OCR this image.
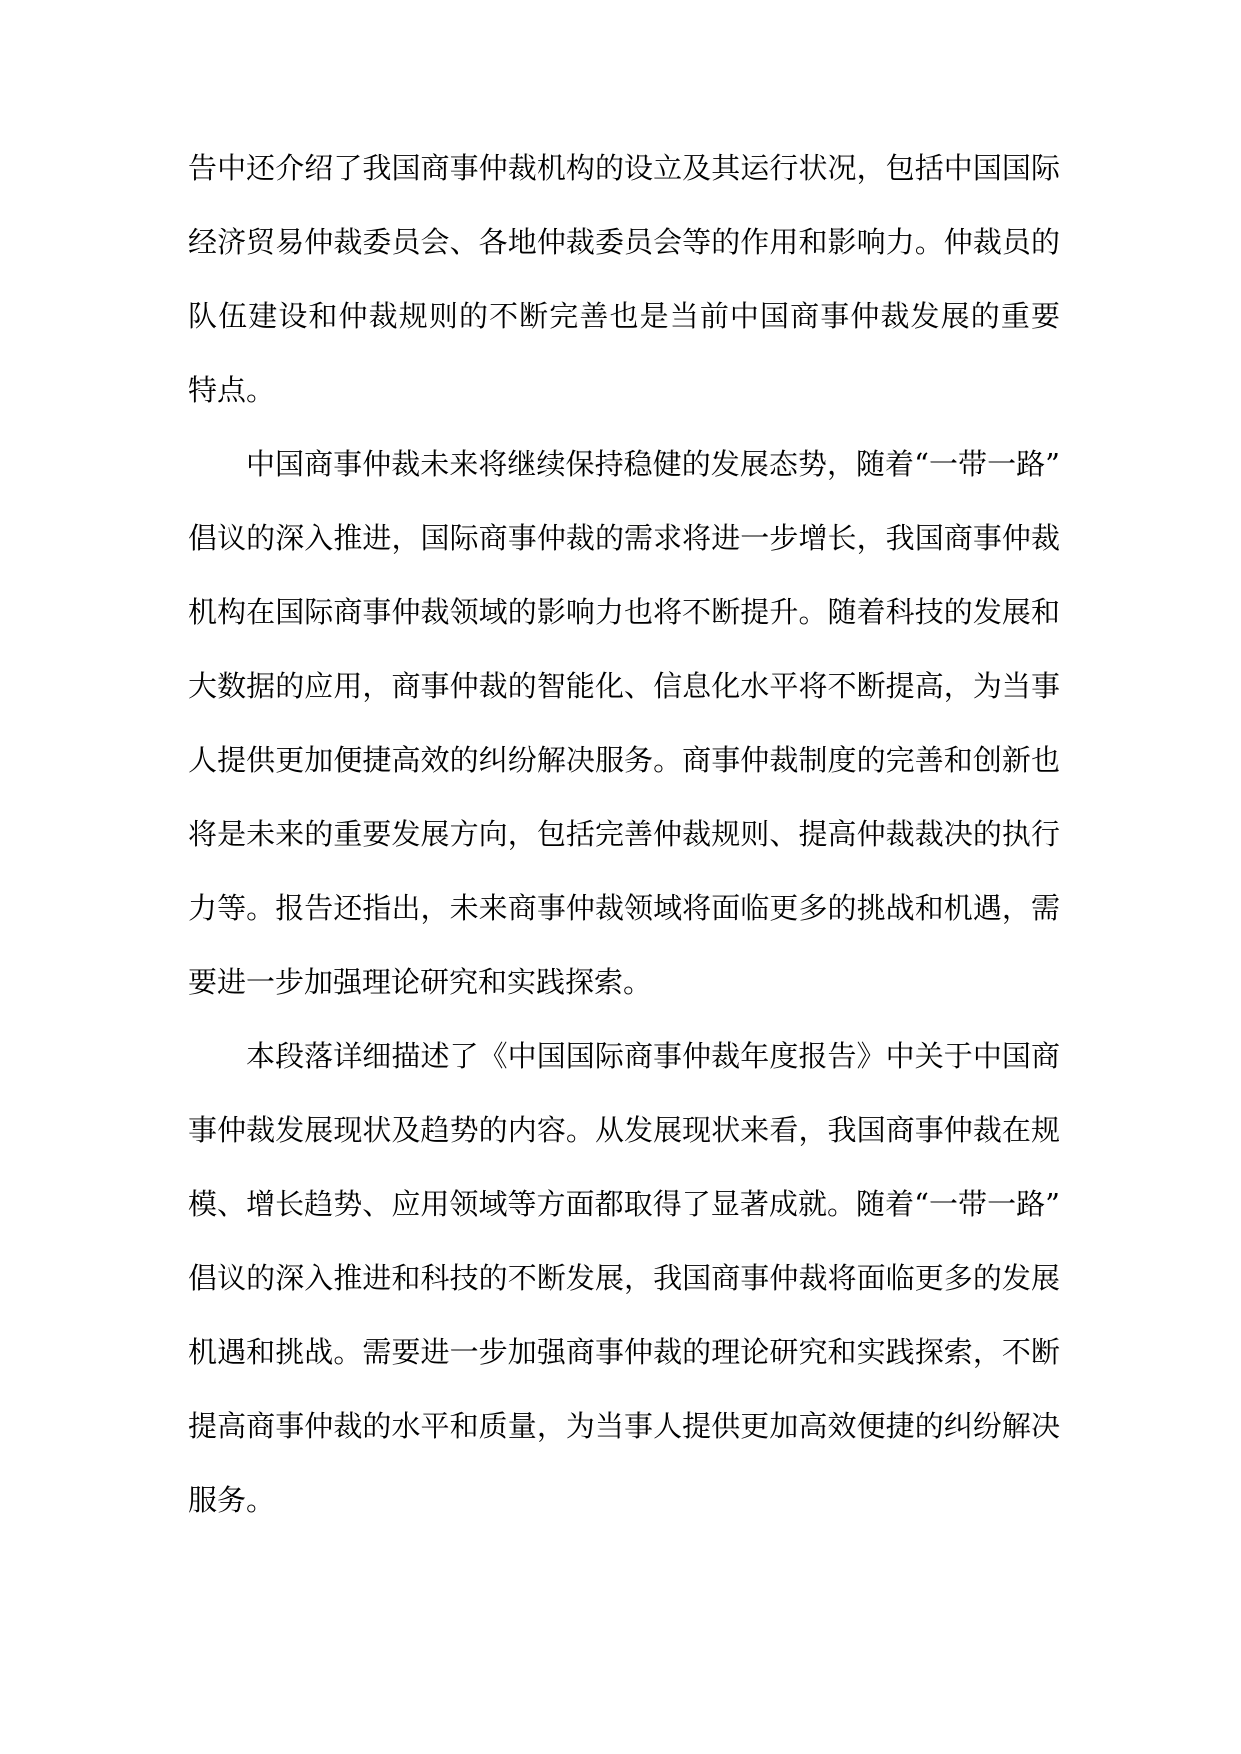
告中还介绍了我国商事仲裁机构的设立及其运行状况，包括中国国际
经济贸易仲裁委员会、各地仲裁委员会等的作用和影响力。仲裁员的
队伍建设和仲裁规则的不断完善也是当前中国商事仲裁发展的重要
特点。
中国商事仲裁未来将继续保持稳健的发展态势，随着“一带一路”
倡议的深入推进，国际商事仲裁的需求将进一步增长，我国商事仲裁
机构在国际商事仲裁领域的影响力也将不断提升。随着科技的发展和
大数据的应用，商事仲裁的智能化、信息化水平将不断提高，为当事
人提供更加便捷高效的纠纷解决服务。商事仲裁制度的完善和创新也
将是未来的重要发展方向，包括完善仲裁规则、提高仲裁裁决的执行
力等。报告还指出，未来商事仲裁领域将面临更多的挑战和机遇，需
要进一步加强理论研究和实践探索。
本段落详细描述了《中国国际商事仲裁年度报告》中关于中国商
事仲裁发展现状及趋势的内容。从发展现状来看，我国商事仲裁在规
模、增长趋势、应用领域等方面都取得了显著成就。随着“一带一路”
倡议的深入推进和科技的不断发展，我国商事仲裁将面临更多的发展
机遇和挑战。需要进一步加强商事仲裁的理论研究和实践探索，不断
提高商事仲裁的水平和质量，为当事人提供更加高效便捷的纠纷解决
服务。
